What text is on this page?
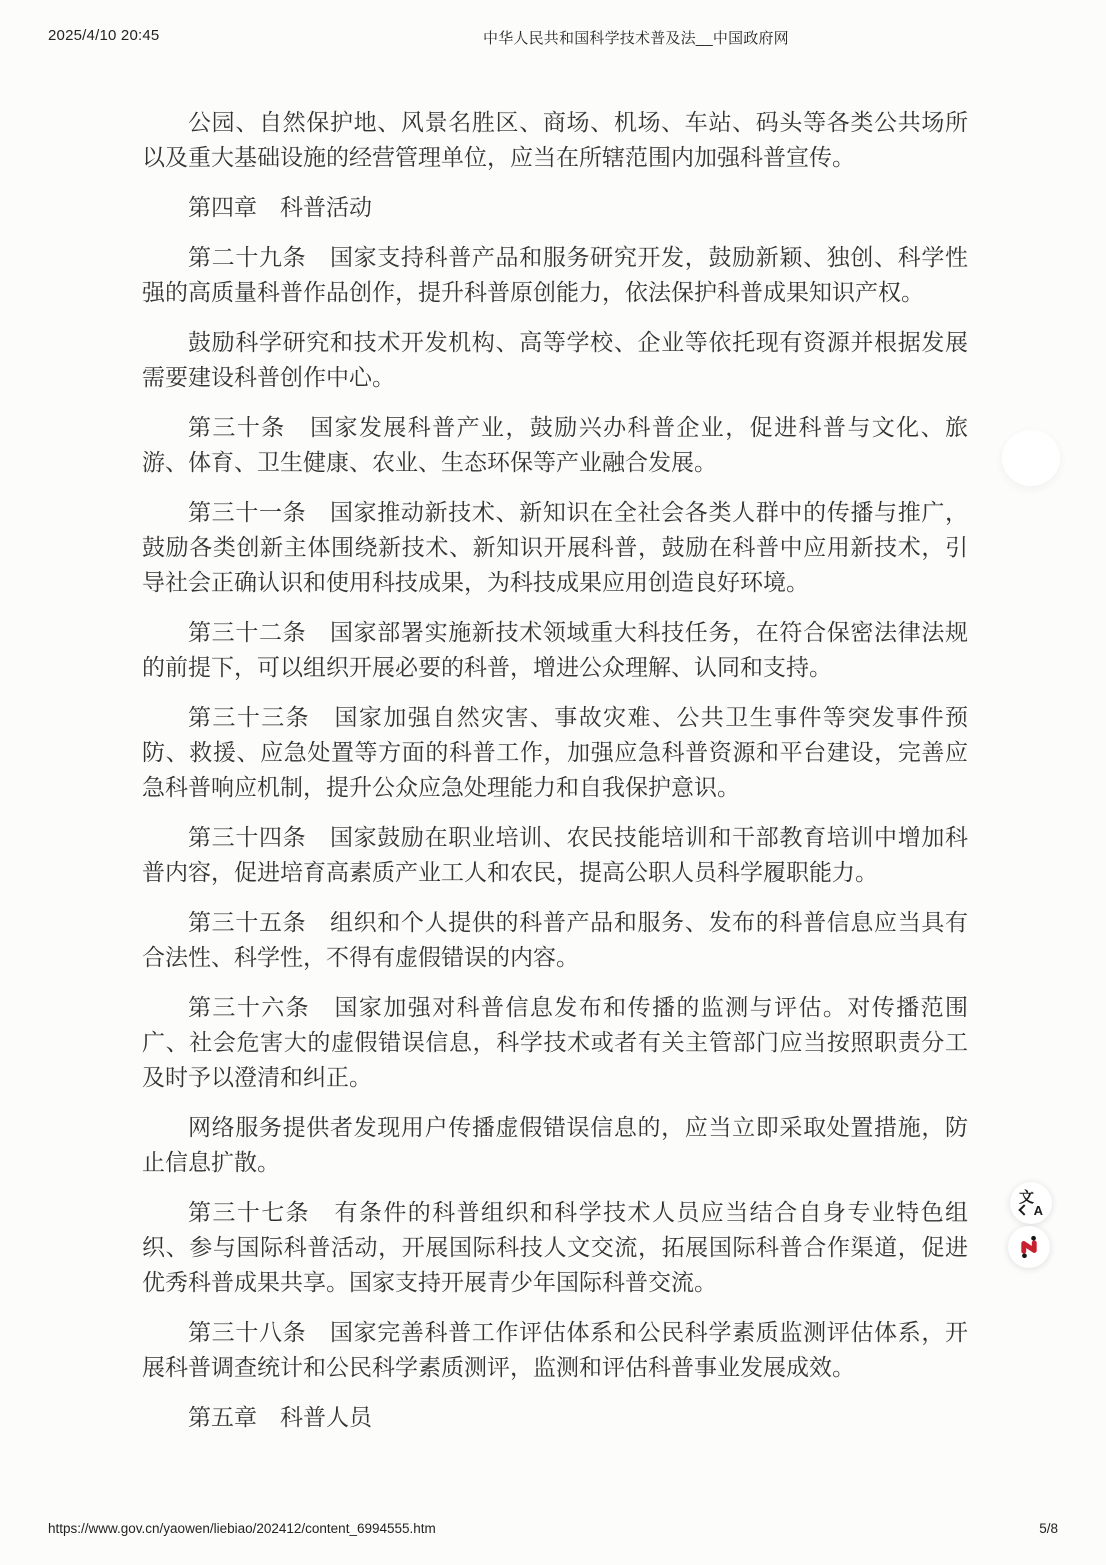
2025/4/10 20:45	中华人民共和国科学技术普及法__中国政府网

公园、自然保护地、风景名胜区、商场、机场、车站、码头等各类公共场所以及重大基础设施的经营管理单位，应当在所辖范围内加强科普宣传。

第四章　科普活动

第二十九条　国家支持科普产品和服务研究开发，鼓励新颖、独创、科学性强的高质量科普作品创作，提升科普原创能力，依法保护科普成果知识产权。

鼓励科学研究和技术开发机构、高等学校、企业等依托现有资源并根据发展需要建设科普创作中心。

第三十条　国家发展科普产业，鼓励兴办科普企业，促进科普与文化、旅游、体育、卫生健康、农业、生态环保等产业融合发展。

第三十一条　国家推动新技术、新知识在全社会各类人群中的传播与推广，鼓励各类创新主体围绕新技术、新知识开展科普，鼓励在科普中应用新技术，引导社会正确认识和使用科技成果，为科技成果应用创造良好环境。

第三十二条　国家部署实施新技术领域重大科技任务，在符合保密法律法规的前提下，可以组织开展必要的科普，增进公众理解、认同和支持。

第三十三条　国家加强自然灾害、事故灾难、公共卫生事件等突发事件预防、救援、应急处置等方面的科普工作，加强应急科普资源和平台建设，完善应急科普响应机制，提升公众应急处理能力和自我保护意识。

第三十四条　国家鼓励在职业培训、农民技能培训和干部教育培训中增加科普内容，促进培育高素质产业工人和农民，提高公职人员科学履职能力。

第三十五条　组织和个人提供的科普产品和服务、发布的科普信息应当具有合法性、科学性，不得有虚假错误的内容。

第三十六条　国家加强对科普信息发布和传播的监测与评估。对传播范围广、社会危害大的虚假错误信息，科学技术或者有关主管部门应当按照职责分工及时予以澄清和纠正。

网络服务提供者发现用户传播虚假错误信息的，应当立即采取处置措施，防止信息扩散。

第三十七条　有条件的科普组织和科学技术人员应当结合自身专业特色组织、参与国际科普活动，开展国际科技人文交流，拓展国际科普合作渠道，促进优秀科普成果共享。国家支持开展青少年国际科普交流。

第三十八条　国家完善科普工作评估体系和公民科学素质监测评估体系，开展科普调查统计和公民科学素质测评，监测和评估科普事业发展成效。

第五章　科普人员

文
A
https://www.gov.cn/yaowen/liebiao/202412/content_6994555.htm	5/8
